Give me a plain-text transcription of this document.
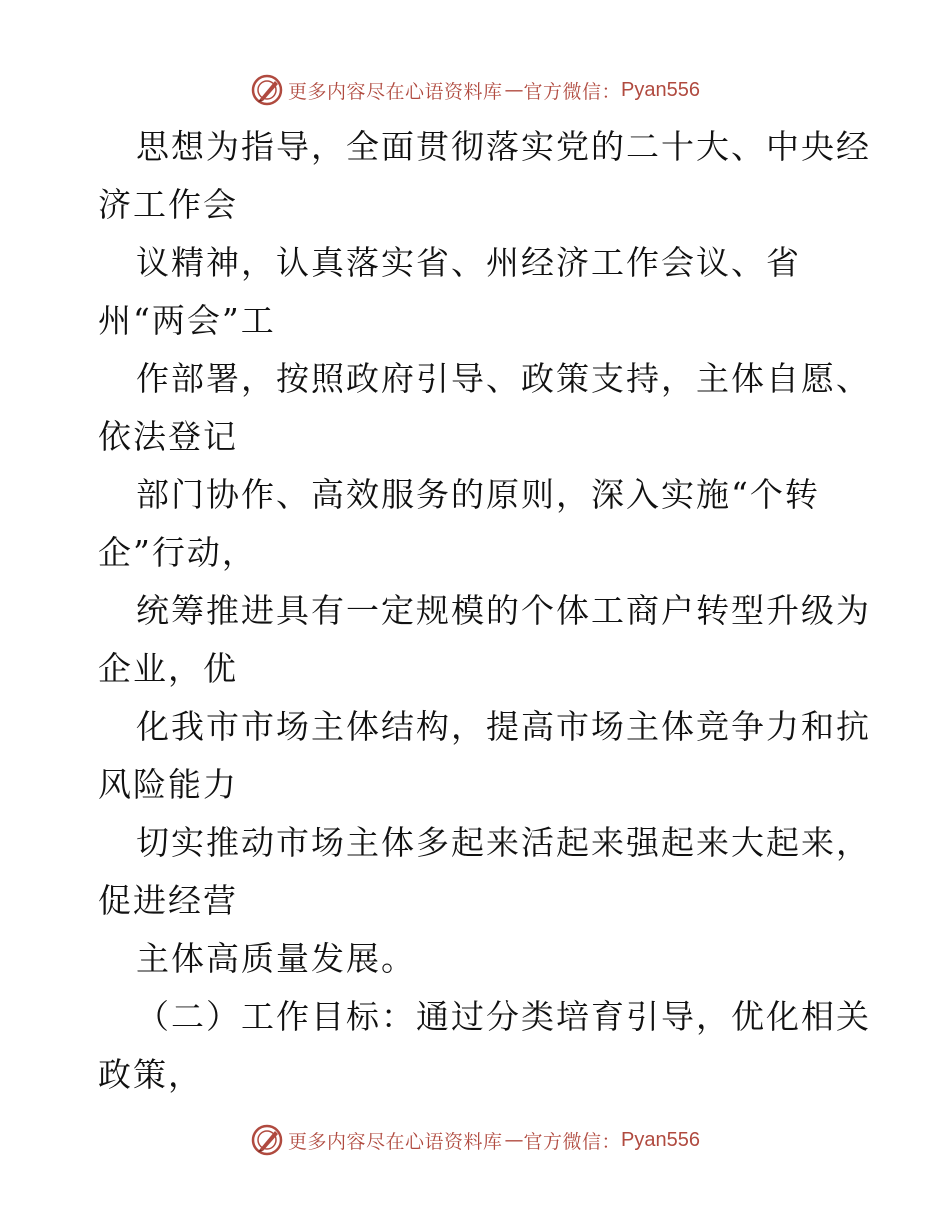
更多内容尽在心语资料库 — 官方微信： Pyan556

思想为指导，全面贯彻落实党的二十大、中央经
济工作会

议精神，认真落实省、州经济工作会议、省
州“两会”工

作部署，按照政府引导、政策支持，主体自愿、
依法登记

部门协作、高效服务的原则，深入实施“个转
企”行动，

统筹推进具有一定规模的个体工商户转型升级为
企业，优

化我市市场主体结构，提高市场主体竞争力和抗
风险能力

切实推动市场主体多起来活起来强起来大起来，
促进经营

主体高质量发展。

（二）工作目标：通过分类培育引导，优化相关
政策，

更多内容尽在心语资料库 — 官方微信： Pyan556
